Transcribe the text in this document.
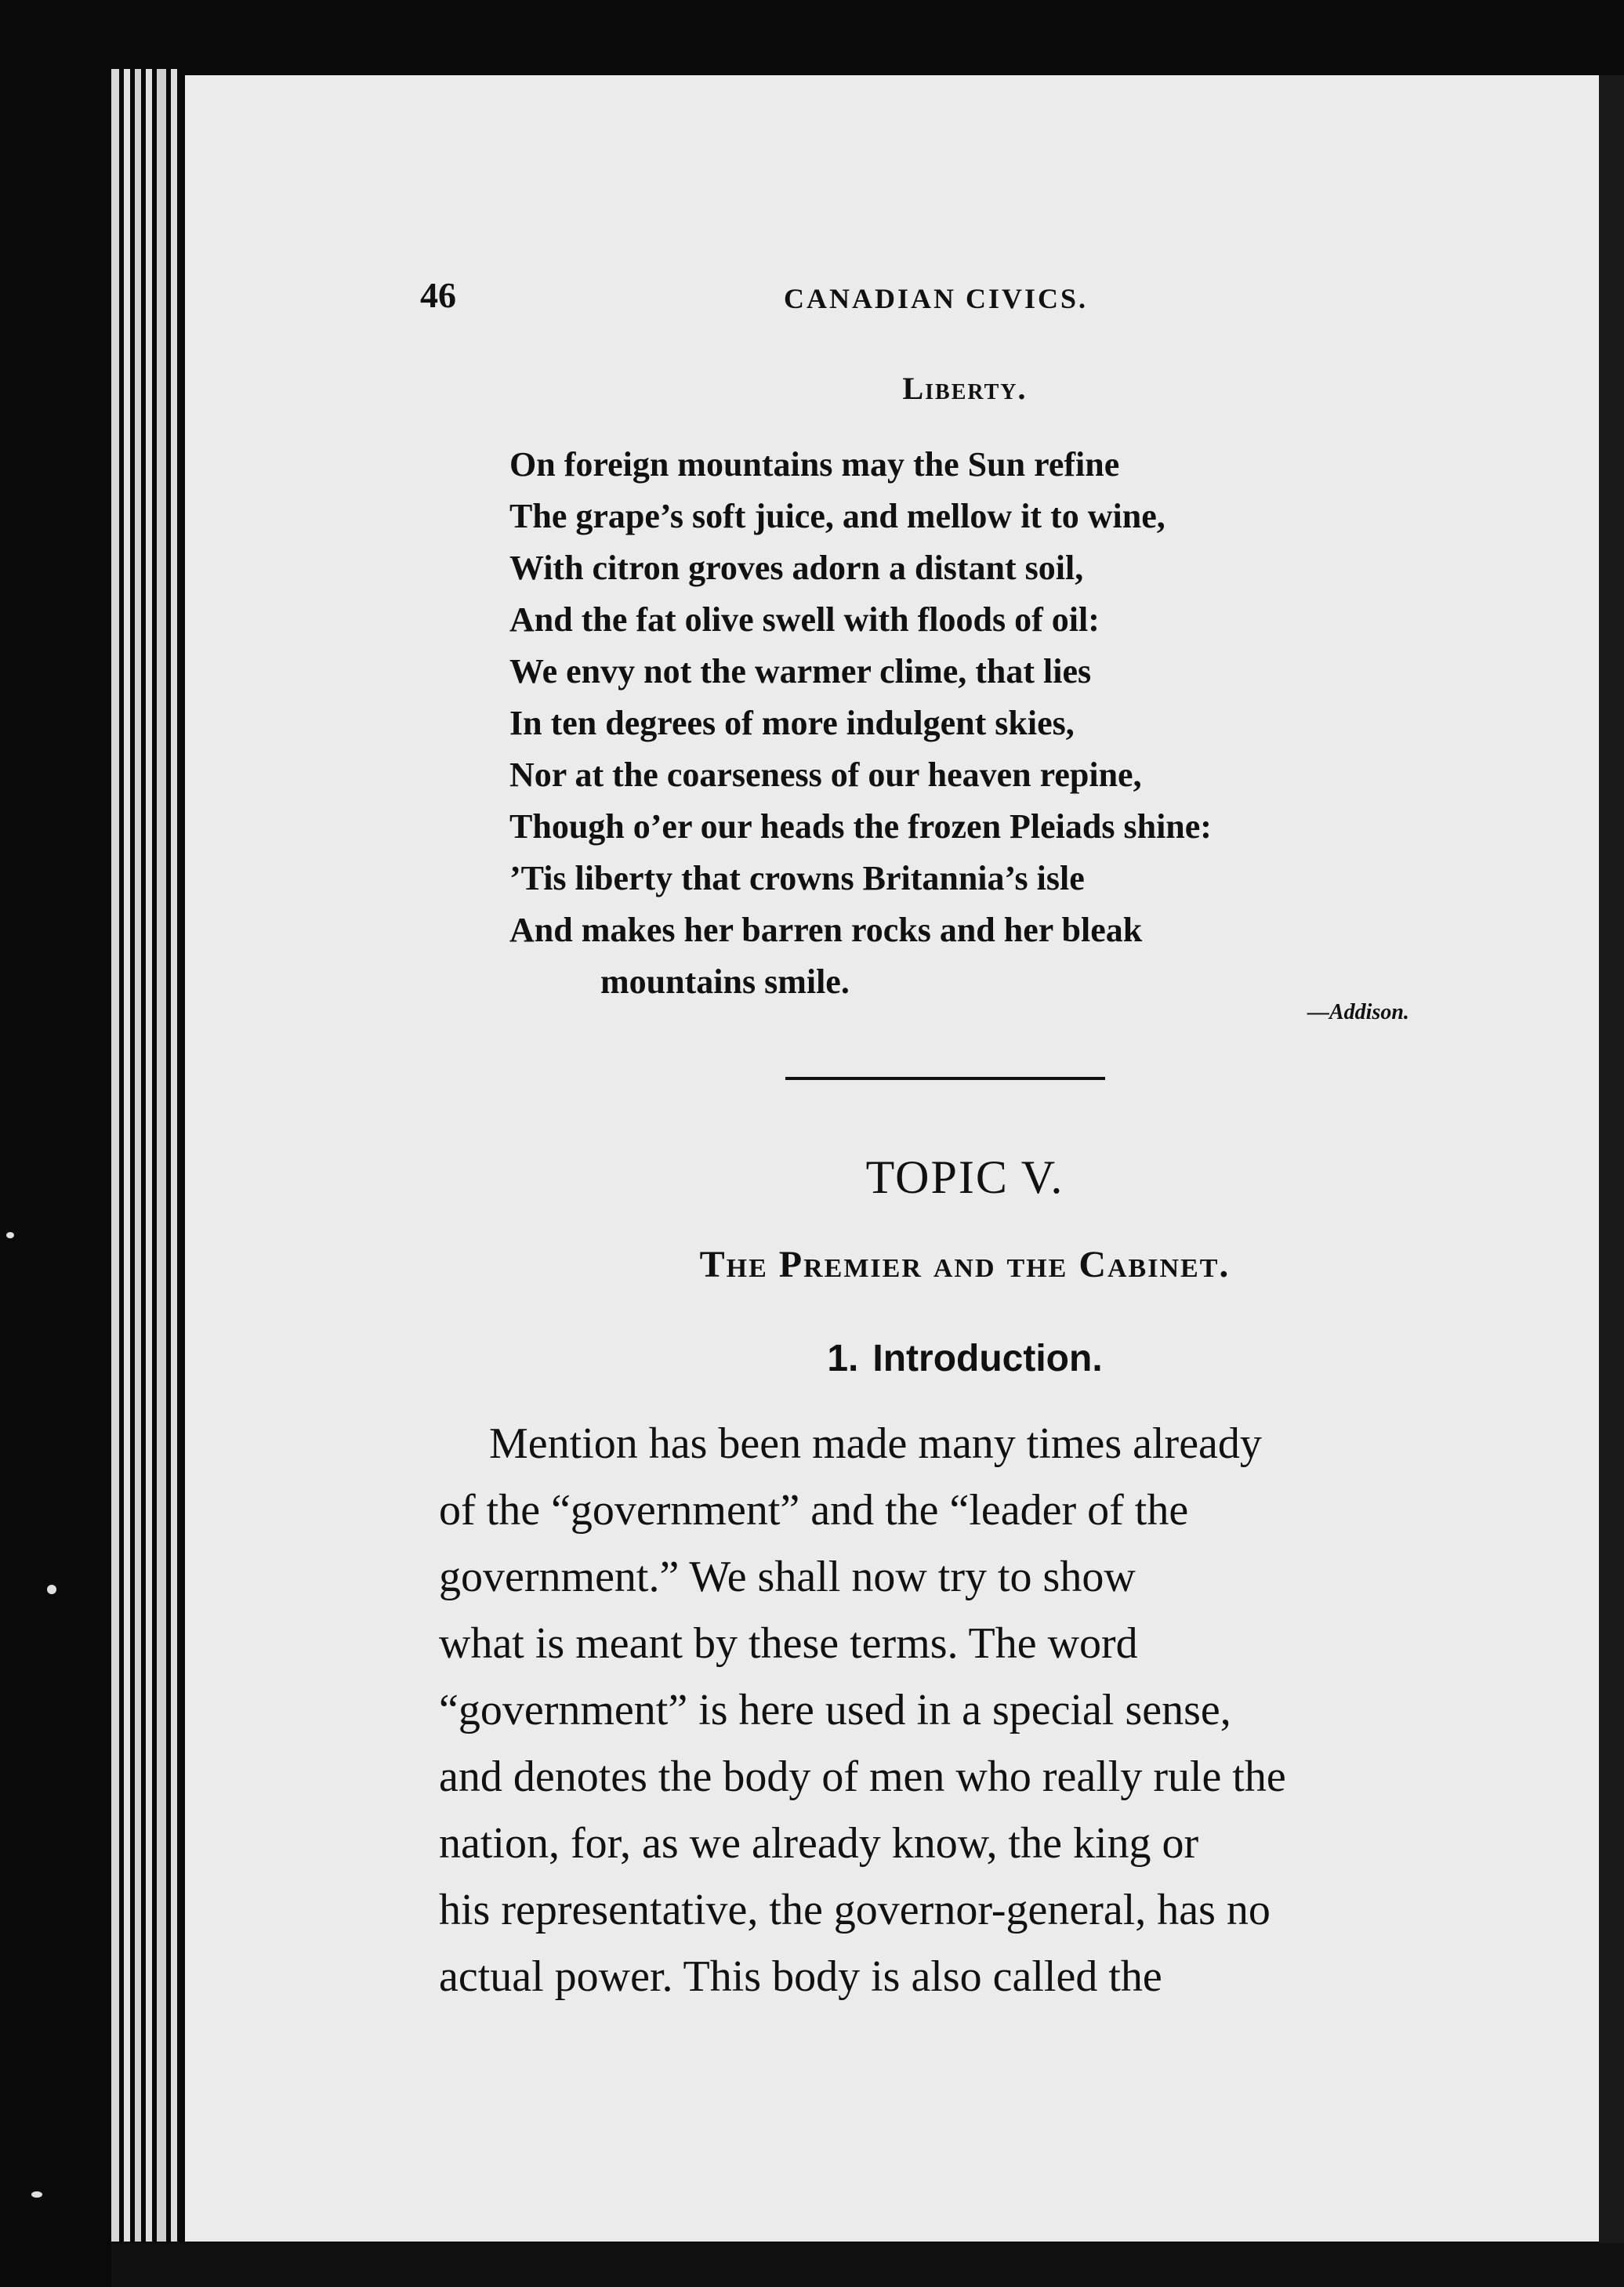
46	CANADIAN CIVICS.
Liberty.
On foreign mountains may the Sun refine
The grape’s soft juice, and mellow it to wine,
With citron groves adorn a distant soil,
And the fat olive swell with floods of oil:
We envy not the warmer clime, that lies
In ten degrees of more indulgent skies,
Nor at the coarseness of our heaven repine,
Though o’er our heads the frozen Pleiads shine:
’Tis liberty that crowns Britannia’s isle
And makes her barren rocks and her bleak
mountains smile.
—Addison.
TOPIC V.
The Premier and the Cabinet.
1. Introduction.
Mention has been made many times already
of the “government” and the “leader of the
government.” We shall now try to show
what is meant by these terms. The word
“government” is here used in a special sense,
and denotes the body of men who really rule the
nation, for, as we already know, the king or
his representative, the governor-general, has no
actual power. This body is also called the
